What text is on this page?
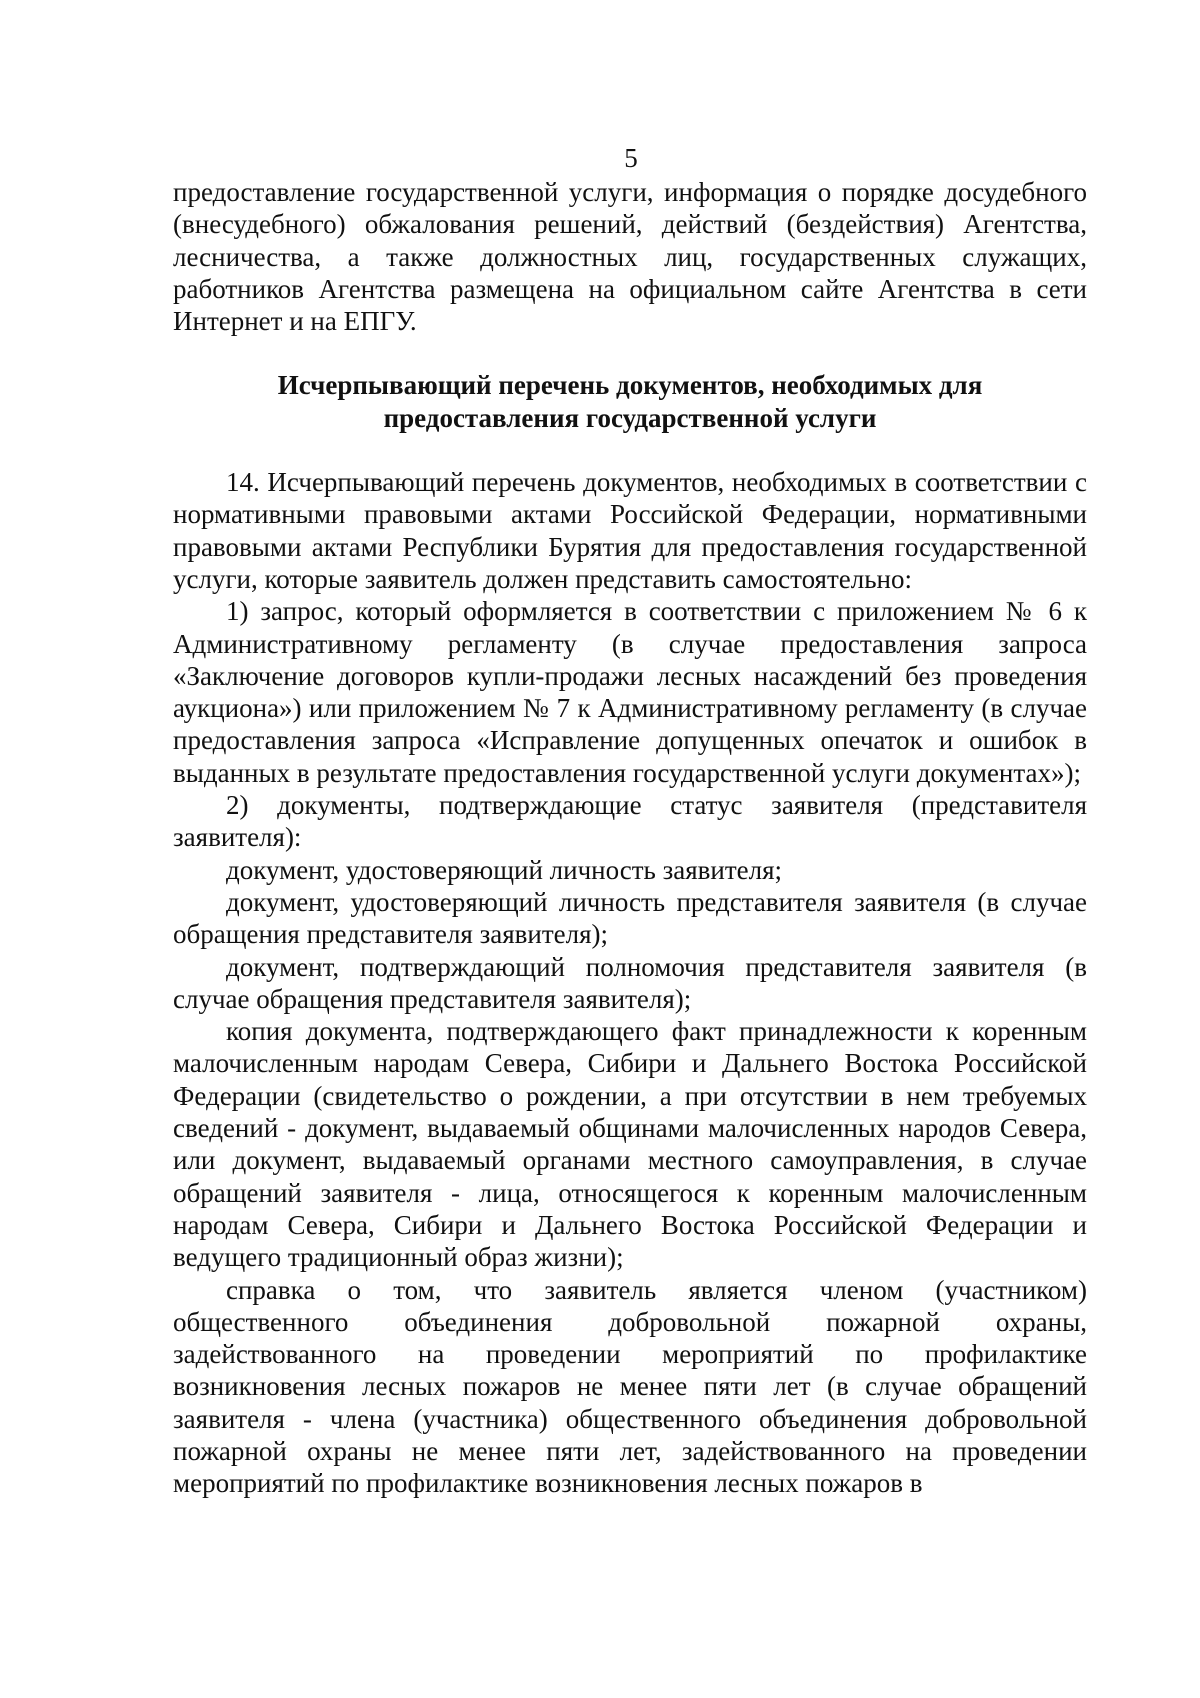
5

предоставление государственной услуги, информация о порядке досудебного (внесудебного) обжалования решений, действий (бездействия) Агентства, лесничества, а также должностных лиц, государственных служащих, работников Агентства размещена на официальном сайте Агентства в сети Интернет и на ЕПГУ.

Исчерпывающий перечень документов, необходимых для
предоставления государственной услуги

14. Исчерпывающий перечень документов, необходимых в соответствии с нормативными правовыми актами Российской Федерации, нормативными правовыми актами Республики Бурятия для предоставления государственной услуги, которые заявитель должен представить самостоятельно:

1) запрос, который оформляется в соответствии с приложением № 6 к Административному регламенту (в случае предоставления запроса «Заключение договоров купли-продажи лесных насаждений без проведения аукциона») или приложением № 7 к Административному регламенту (в случае предоставления запроса «Исправление допущенных опечаток и ошибок в выданных в результате предоставления государственной услуги документах»);

2) документы, подтверждающие статус заявителя (представителя заявителя):

документ, удостоверяющий личность заявителя;

документ, удостоверяющий личность представителя заявителя (в случае обращения представителя заявителя);

документ, подтверждающий полномочия представителя заявителя (в случае обращения представителя заявителя);

копия документа, подтверждающего факт принадлежности к коренным малочисленным народам Севера, Сибири и Дальнего Востока Российской Федерации (свидетельство о рождении, а при отсутствии в нем требуемых сведений - документ, выдаваемый общинами малочисленных народов Севера, или документ, выдаваемый органами местного самоуправления, в случае обращений заявителя - лица, относящегося к коренным малочисленным народам Севера, Сибири и Дальнего Востока Российской Федерации и ведущего традиционный образ жизни);

справка о том, что заявитель является членом (участником) общественного объединения добровольной пожарной охраны, задействованного на проведении мероприятий по профилактике возникновения лесных пожаров не менее пяти лет (в случае обращений заявителя - члена (участника) общественного объединения добровольной пожарной охраны не менее пяти лет, задействованного на проведении мероприятий по профилактике возникновения лесных пожаров в
